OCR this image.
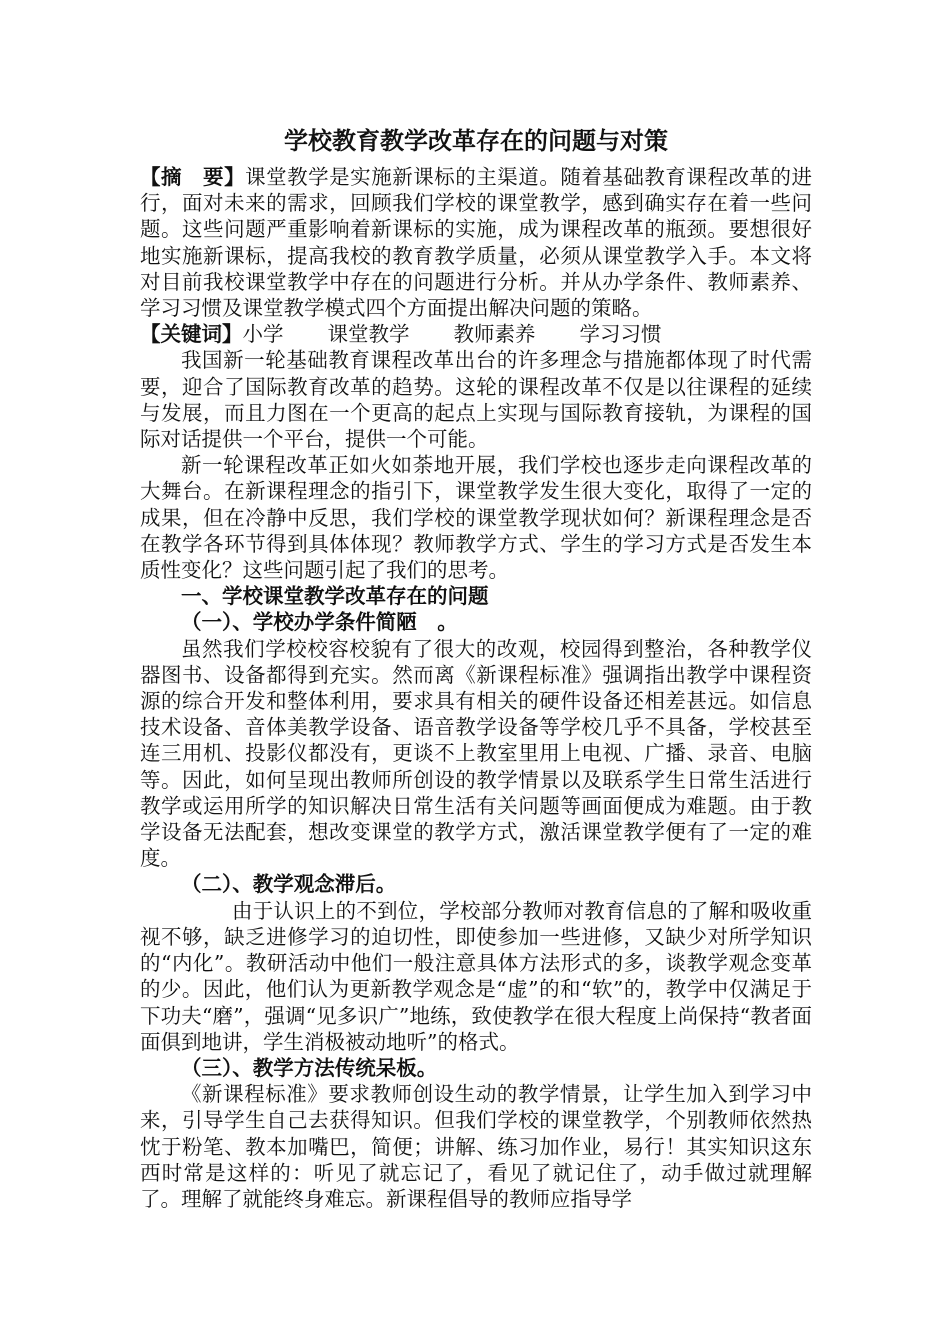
学校教育教学改革存在的问题与对策

【摘　要】课堂教学是实施新课标的主渠道。随着基础教育课程改革的进行，面对未来的需求，回顾我们学校的课堂教学，感到确实存在着一些问题。这些问题严重影响着新课标的实施，成为课程改革的瓶颈。要想很好地实施新课标，提高我校的教育教学质量，必须从课堂教学入手。本文将对目前我校课堂教学中存在的问题进行分析。并从办学条件、教师素养、学习习惯及课堂教学模式四个方面提出解决问题的策略。

【关键词】小学 课堂教学 教师素养 学习习惯

我国新一轮基础教育课程改革出台的许多理念与措施都体现了时代需要，迎合了国际教育改革的趋势。这轮的课程改革不仅是以往课程的延续与发展，而且力图在一个更高的起点上实现与国际教育接轨，为课程的国际对话提供一个平台，提供一个可能。

新一轮课程改革正如火如荼地开展，我们学校也逐步走向课程改革的大舞台。在新课程理念的指引下，课堂教学发生很大变化，取得了一定的成果，但在冷静中反思，我们学校的课堂教学现状如何？新课程理念是否在教学各环节得到具体体现？教师教学方式、学生的学习方式是否发生本质性变化？这些问题引起了我们的思考。

一、学校课堂教学改革存在的问题

（一）、学校办学条件简陋　。

虽然我们学校校容校貌有了很大的改观，校园得到整治，各种教学仪器图书、设备都得到充实。然而离《新课程标准》强调指出教学中课程资源的综合开发和整体利用，要求具有相关的硬件设备还相差甚远。如信息技术设备、音体美教学设备、语音教学设备等学校几乎不具备，学校甚至连三用机、投影仪都没有，更谈不上教室里用上电视、广播、录音、电脑等。因此，如何呈现出教师所创设的教学情景以及联系学生日常生活进行教学或运用所学的知识解决日常生活有关问题等画面便成为难题。由于教学设备无法配套，想改变课堂的教学方式，激活课堂教学便有了一定的难度。

（二）、教学观念滞后。

由于认识上的不到位，学校部分教师对教育信息的了解和吸收重视不够，缺乏进修学习的迫切性，即使参加一些进修，又缺少对所学知识的“内化”。教研活动中他们一般注意具体方法形式的多，谈教学观念变革的少。因此，他们认为更新教学观念是“虚”的和“软”的，教学中仅满足于下功夫“磨”，强调“见多识广”地练，致使教学在很大程度上尚保持“教者面面俱到地讲，学生消极被动地听”的格式。

（三）、教学方法传统呆板。

《新课程标准》要求教师创设生动的教学情景，让学生加入到学习中来，引导学生自己去获得知识。但我们学校的课堂教学，个别教师依然热忱于粉笔、教本加嘴巴，简便；讲解、练习加作业，易行！其实知识这东西时常是这样的：听见了就忘记了，看见了就记住了，动手做过就理解了。理解了就能终身难忘。新课程倡导的教师应指导学
